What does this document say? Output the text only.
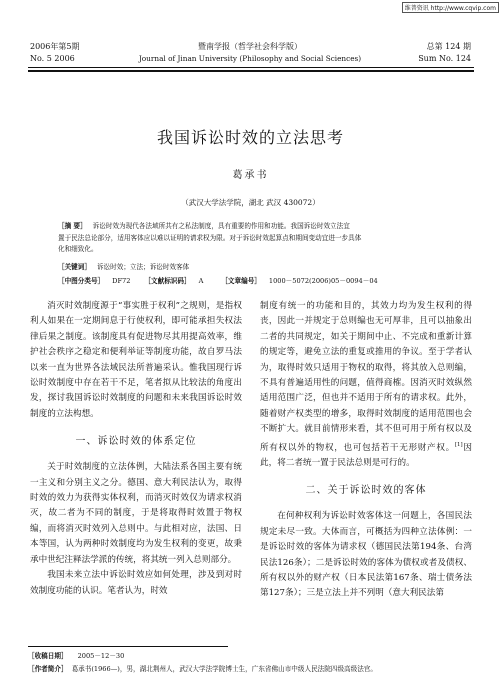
维普资讯 http://www.cqvip.com
2006年第5期
No. 5 2006
暨南学报（哲学社会科学版）
Journal of Jinan University (Philosophy and Social Sciences)
总第 124 期
Sum No. 124
我国诉讼时效的立法思考
葛承书
（武汉大学法学院，湖北 武汉 430072）
［摘 要］ 诉讼时效为现代各法域所共有之私法制度，具有重要的作用和功能。我国诉讼时效立法宜
置于民法总论部分，适用客体应以难以证明的请求权为限。对于诉讼时效起算点和期间变动宜进一步具体
化和细致化。
［关键词］ 诉讼时效；立法；诉讼时效客体
［中图分类号］ DF72 ［文献标识码］ A	［文章编号］ 1000－5072(2006)05－0094－04

消灭时效制度源于“事实胜于权利”之规则，是指权利人如果在一定期间息于行使权利，即可能承担失权法律后果之制度。该制度具有促进物尽其用提高效率，维护社会秩序之稳定和便利举证等制度功能，故自罗马法以来一直为世界各法域民法所普遍采认。惟我国现行诉讼时效制度中存在若干不足，笔者拟从比较法的角度出发，探讨我国诉讼时效制度的问题和未来我国诉讼时效制度的立法构想。

一、诉讼时效的体系定位

关于时效制度的立法体例，大陆法系各国主要有统一主义和分别主义之分。德国、意大利民法认为，取得时效的效力为获得实体权利，而消灭时效仅为请求权消灭，故二者为不同的制度，于是将取得时效置于物权编，而将消灭时效列入总则中。与此相对应，法国、日本等国，认为两种时效制度均为发生权利的变更，故秉承中世纪注释法学派的传统，将其统一列入总则部分。

我国未来立法中诉讼时效应如何处理，涉及到对时效制度功能的认识。笔者认为，时效

制度有统一的功能和目的，其效力均为发生权利的得丧，因此一并规定于总则编也无可厚非，且可以抽象出二者的共同规定，如关于期间中止、不完成和重新计算的规定等，避免立法的重复或推用的争议。至于学者认为，取得时效只适用于物权的取得，将其放入总则编，不具有普遍适用性的问题，值得商榷。因消灭时效纵然适用范围广泛，但也并不适用于所有的请求权。此外，随着财产权类型的增多，取得时效制度的适用范围也会不断扩大。就目前情形来看，其不但可用于所有权以及所有权以外的物权，也可包括若干无形财产权。[1]因此，将二者统一置于民法总则是可行的。

二、关于诉讼时效的客体

在何种权利为诉讼时效客体这一问题上，各国民法规定未尽一致。大体而言，可概括为四种立法体例：一是诉讼时效的客体为请求权（德国民法第194条、台湾民法126条）；二是诉讼时效的客体为债权或者及债权、所有权以外的财产权（日本民法第167条、瑞士债务法第127条）；三是立法上并不列明（意大利民法第

［收稿日期］ 2005－12－30
［作者简介］ 葛承书(1966—)，男，湖北荆州人，武汉大学法学院博士生，广东省佛山市中级人民法院四级高级法官。
